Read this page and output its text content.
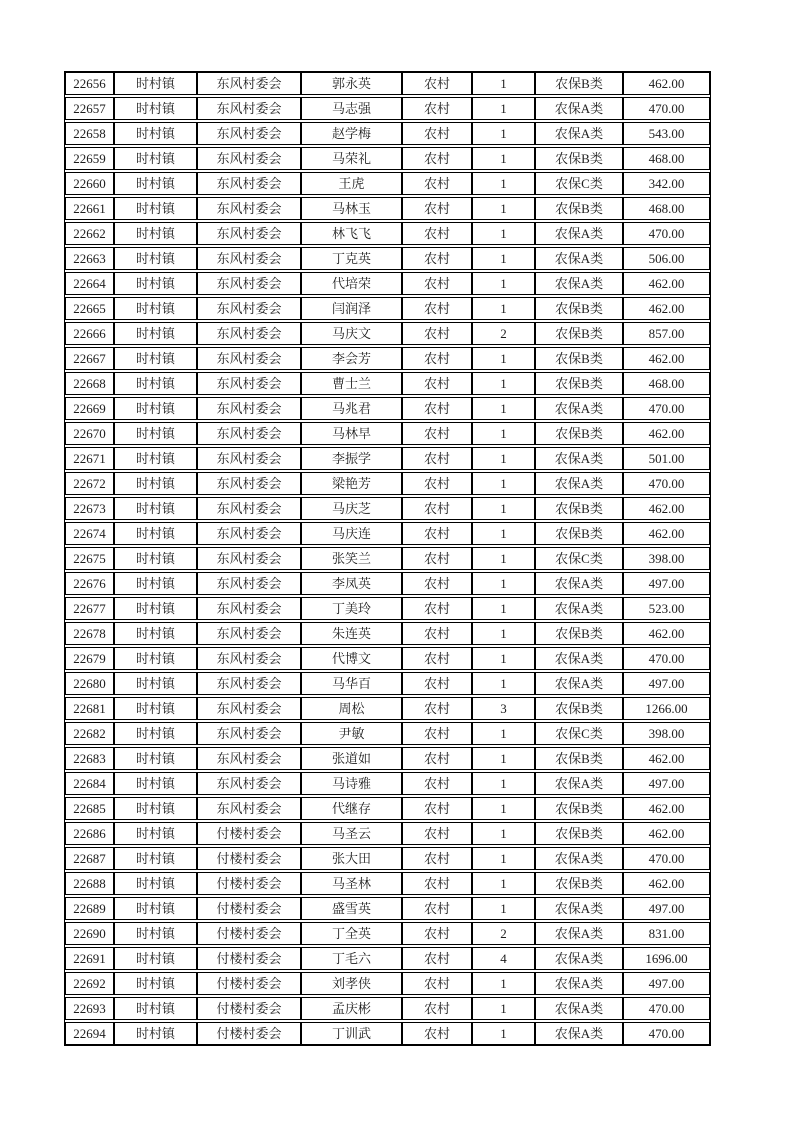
22656	时村镇	东风村委会	郭永英	农村	1	农保B类	462.00
22657	时村镇	东风村委会	马志强	农村	1	农保A类	470.00
22658	时村镇	东风村委会	赵学梅	农村	1	农保A类	543.00
22659	时村镇	东风村委会	马荣礼	农村	1	农保B类	468.00
22660	时村镇	东风村委会	王虎	农村	1	农保C类	342.00
22661	时村镇	东风村委会	马林玉	农村	1	农保B类	468.00
22662	时村镇	东风村委会	林飞飞	农村	1	农保A类	470.00
22663	时村镇	东风村委会	丁克英	农村	1	农保A类	506.00
22664	时村镇	东风村委会	代培荣	农村	1	农保A类	462.00
22665	时村镇	东风村委会	闫润泽	农村	1	农保B类	462.00
22666	时村镇	东风村委会	马庆文	农村	2	农保B类	857.00
22667	时村镇	东风村委会	李会芳	农村	1	农保B类	462.00
22668	时村镇	东风村委会	曹士兰	农村	1	农保B类	468.00
22669	时村镇	东风村委会	马兆君	农村	1	农保A类	470.00
22670	时村镇	东风村委会	马林早	农村	1	农保B类	462.00
22671	时村镇	东风村委会	李振学	农村	1	农保A类	501.00
22672	时村镇	东风村委会	梁艳芳	农村	1	农保A类	470.00
22673	时村镇	东风村委会	马庆芝	农村	1	农保B类	462.00
22674	时村镇	东风村委会	马庆连	农村	1	农保B类	462.00
22675	时村镇	东风村委会	张笑兰	农村	1	农保C类	398.00
22676	时村镇	东风村委会	李凤英	农村	1	农保A类	497.00
22677	时村镇	东风村委会	丁美玲	农村	1	农保A类	523.00
22678	时村镇	东风村委会	朱连英	农村	1	农保B类	462.00
22679	时村镇	东风村委会	代博文	农村	1	农保A类	470.00
22680	时村镇	东风村委会	马华百	农村	1	农保A类	497.00
22681	时村镇	东风村委会	周松	农村	3	农保B类	1266.00
22682	时村镇	东风村委会	尹敏	农村	1	农保C类	398.00
22683	时村镇	东风村委会	张道如	农村	1	农保B类	462.00
22684	时村镇	东风村委会	马诗雅	农村	1	农保A类	497.00
22685	时村镇	东风村委会	代继存	农村	1	农保B类	462.00
22686	时村镇	付楼村委会	马圣云	农村	1	农保B类	462.00
22687	时村镇	付楼村委会	张大田	农村	1	农保A类	470.00
22688	时村镇	付楼村委会	马圣林	农村	1	农保B类	462.00
22689	时村镇	付楼村委会	盛雪英	农村	1	农保A类	497.00
22690	时村镇	付楼村委会	丁全英	农村	2	农保A类	831.00
22691	时村镇	付楼村委会	丁毛六	农村	4	农保A类	1696.00
22692	时村镇	付楼村委会	刘孝侠	农村	1	农保A类	497.00
22693	时村镇	付楼村委会	孟庆彬	农村	1	农保A类	470.00
22694	时村镇	付楼村委会	丁训武	农村	1	农保A类	470.00
